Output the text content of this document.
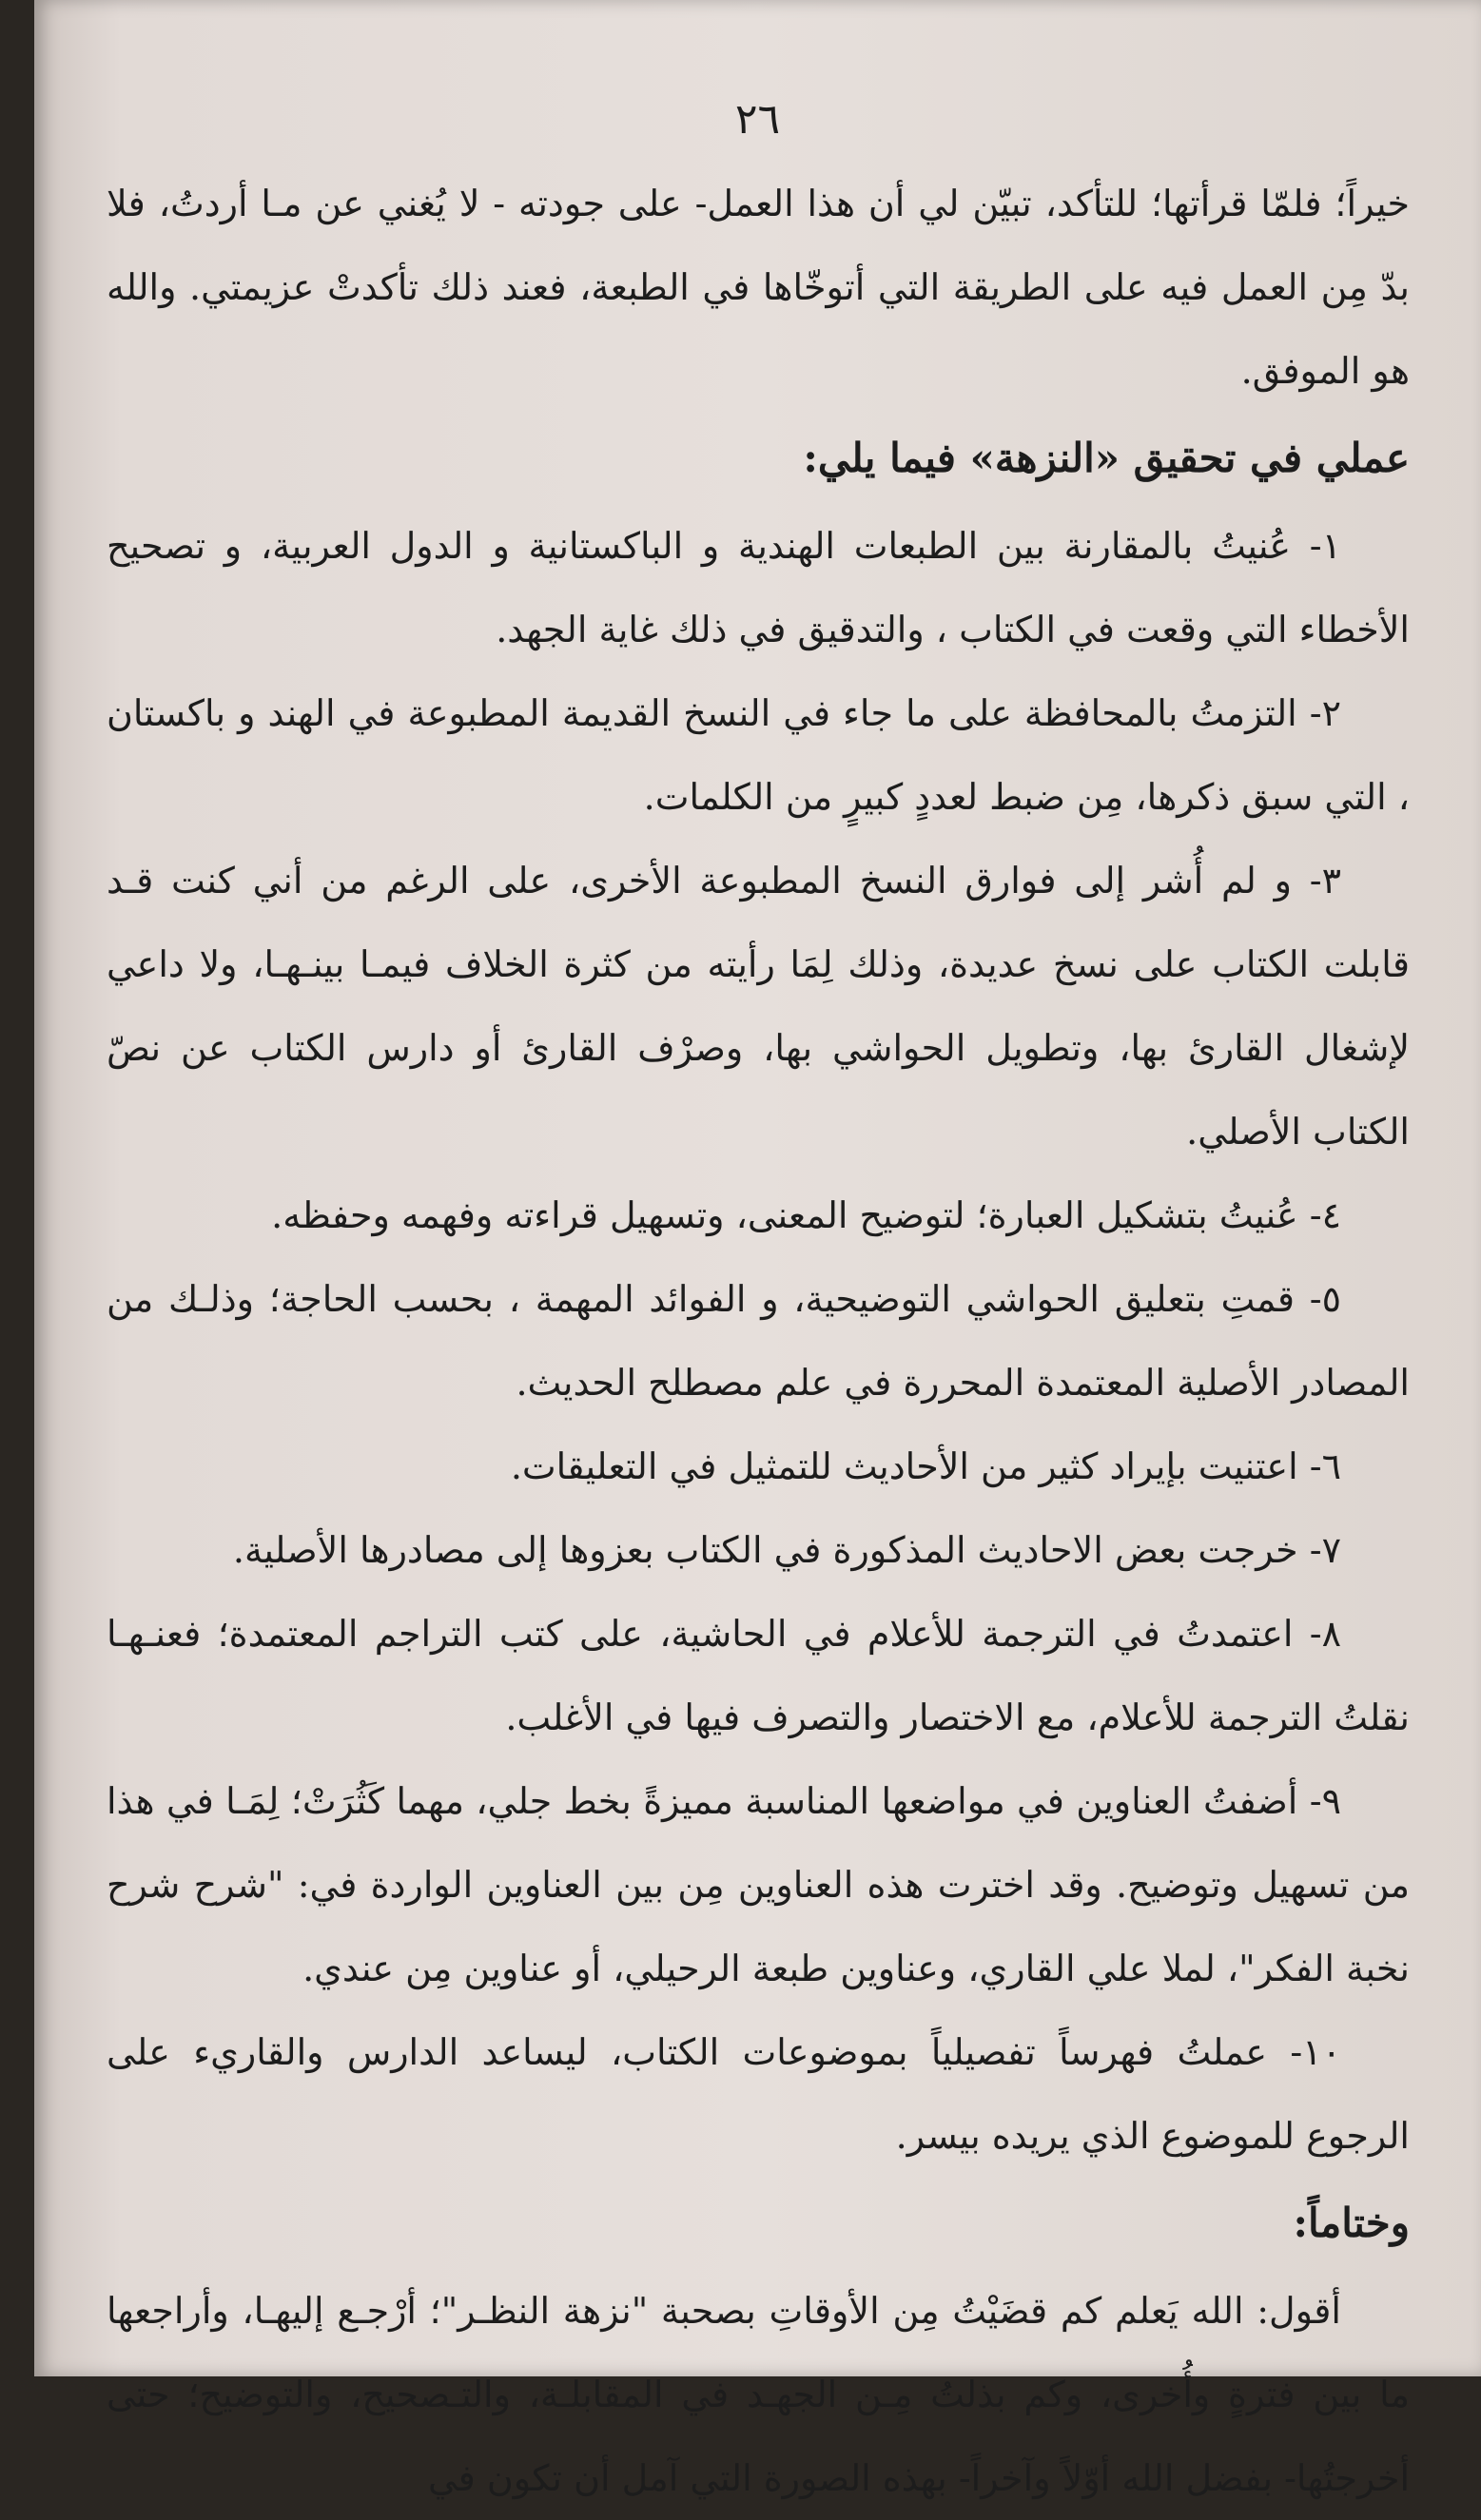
٢٦

خيراً؛ فلمّا قرأتها؛ للتأكد، تبيّن لي أن هذا العمل- على جودته - لا يُغني عن مـا أردتُ، فلا بدّ مِن العمل فيه على الطريقة التي أتوخّاها في الطبعة، فعند ذلك تأكدتْ عزيمتي. والله هو الموفق.

عملي في تحقيق «النزهة» فيما يلي:

١- عُنيتُ بالمقارنة بين الطبعات الهندية و الباكستانية و الدول العربية، و تصحيح الأخطاء التي وقعت في الكتاب ، والتدقيق في ذلك غاية الجهد.

٢- التزمتُ بالمحافظة على ما جاء في النسخ القديمة المطبوعة في الهند و باكستان ، التي سبق ذكرها، مِن ضبط لعددٍ كبيرٍ من الكلمات.

٣- و لم أُشر إلى فوارق النسخ المطبوعة الأخرى، على الرغم من أني كنت قـد قابلت الكتاب على نسخ عديدة، وذلك لِمَا رأيته من كثرة الخلاف فيمـا بينـهـا، ولا داعي لإشغال القارئ بها، وتطويل الحواشي بها، وصرْف القارئ أو دارس الكتاب عن نصّ الكتاب الأصلي.

٤- عُنيتُ بتشكيل العبارة؛ لتوضيح المعنى، وتسهيل قراءته وفهمه وحفظه.

٥- قمتِ بتعليق الحواشي التوضيحية، و الفوائد المهمة ، بحسب الحاجة؛ وذلـك من المصادر الأصلية المعتمدة المحررة في علم مصطلح الحديث.

٦- اعتنيت بإيراد كثير من الأحاديث للتمثيل في التعليقات.

٧- خرجت بعض الاحاديث المذكورة في الكتاب بعزوها إلى مصادرها الأصلية.

٨- اعتمدتُ في الترجمة للأعلام في الحاشية، على كتب التراجم المعتمدة؛ فعنـهـا نقلتُ الترجمة للأعلام، مع الاختصار والتصرف فيها في الأغلب.

٩- أضفتُ العناوين في مواضعها المناسبة مميزةً بخط جلي، مهما كَثُرَتْ؛ لِمَـا في هذا من تسهيل وتوضيح. وقد اخترت هذه العناوين مِن بين العناوين الواردة في: "شرح شرح نخبة الفكر"، لملا علي القاري، وعناوين طبعة الرحيلي، أو عناوين مِن عندي.

١٠- عملتُ فهرساً تفصيلياً بموضوعات الكتاب، ليساعد الدارس والقاريء على الرجوع للموضوع الذي يريده بيسر.

وختاماً:

أقول: الله يَعلم كم قضَيْتُ مِن الأوقاتِ بصحبة "نزهة النظـر"؛ أرْجـع إليهـا، وأراجعها ما بين فترةٍ وأُخرى، وكم بذلتُ مِـن الجهـد في المقابلـة، والتـصحيح، والتوضيح؛ حتى أخرجتُها- بفضل الله أوّلاً وآخراً- بهذه الصورة التي آمل أن تكون في
